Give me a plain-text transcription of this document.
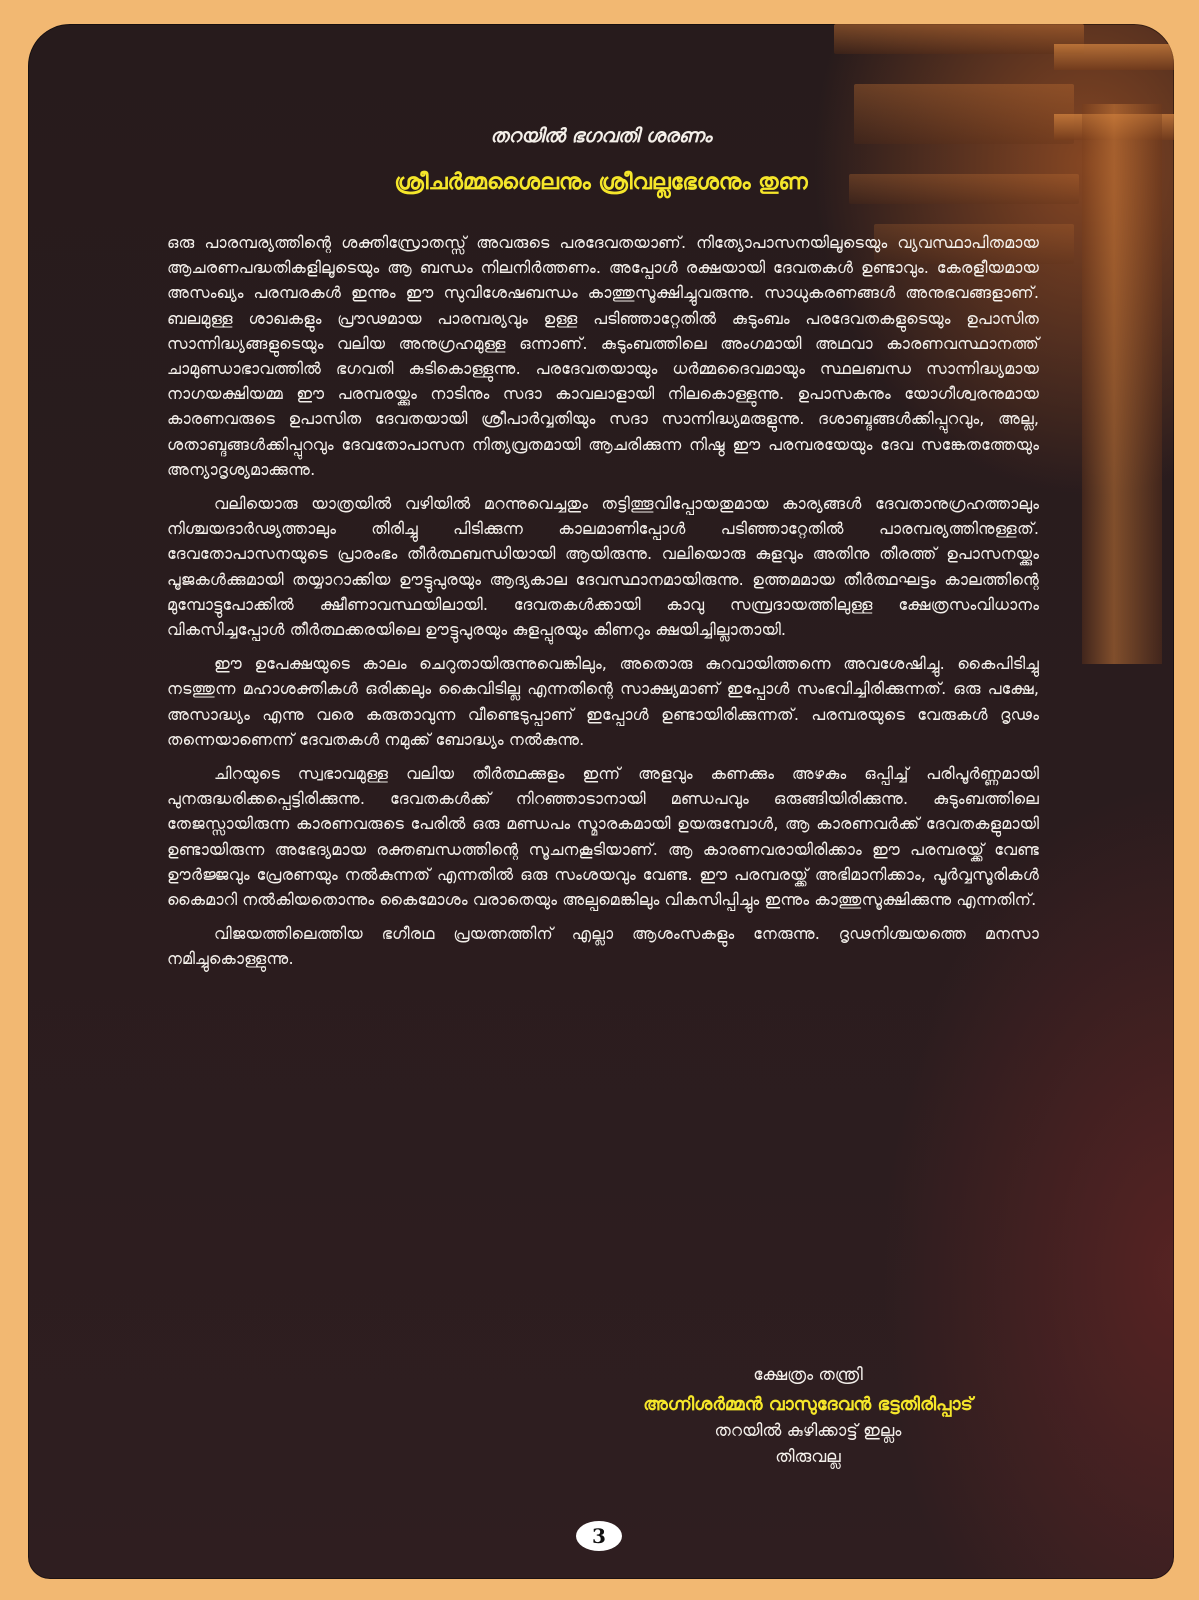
തറയിൽ ഭഗവതി ശരണം
ശ്രീചർമ്മശൈലനും ശ്രീവല്ലഭേശനും തുണ

ഒരു പാരമ്പര്യത്തിന്റെ ശക്തിസ്രോതസ്സ് അവരുടെ പരദേവതയാണ്. നിത്യോപാസനയിലൂടെയും വ്യവസ്ഥാപിതമായ ആചരണപദ്ധതികളിലൂടെയും ആ ബന്ധം നിലനിർത്തണം. അപ്പോൾ രക്ഷയായി ദേവതകൾ ഉണ്ടാവും. കേരളീയമായ അസംഖ്യം പരമ്പരകൾ ഇന്നും ഈ സുവിശേഷബന്ധം കാത്തുസൂക്ഷിച്ചുവരുന്നു. സാധുകരണങ്ങൾ അനുഭവങ്ങളാണ്. ബലമുള്ള ശാഖകളും പ്രൗഢമായ പാരമ്പര്യവും ഉള്ള പടിഞ്ഞാറ്റേതിൽ കുടുംബം പരദേവതകളുടെയും ഉപാസിത സാന്നിദ്ധ്യങ്ങളുടെയും വലിയ അനുഗ്രഹമുള്ള ഒന്നാണ്. കുടുംബത്തിലെ അംഗമായി അഥവാ കാരണവസ്ഥാനത്ത് ചാമുണ്ഡാഭാവത്തിൽ ഭഗവതി കുടികൊള്ളുന്നു. പരദേവതയായും ധർമ്മദൈവമായും സ്ഥലബന്ധ സാന്നിദ്ധ്യമായ നാഗയക്ഷിയമ്മ ഈ പരമ്പരയ്ക്കും നാടിനും സദാ കാവലാളായി നിലകൊള്ളുന്നു. ഉപാസകനും യോഗീശ്വരനുമായ കാരണവരുടെ ഉപാസിത ദേവതയായി ശ്രീപാർവ്വതിയും സദാ സാന്നിദ്ധ്യമരുളുന്നു. ദശാബ്ദങ്ങൾക്കിപ്പുറവും, അല്ല, ശതാബ്ദങ്ങൾക്കിപ്പുറവും ദേവതോപാസന നിത്യവ്രതമായി ആചരിക്കുന്ന നിഷ്ഠ ഈ പരമ്പരയേയും ദേവ സങ്കേതത്തേയും അന്യാദൃശ്യമാക്കുന്നു.

വലിയൊരു യാത്രയിൽ വഴിയിൽ മറന്നുവെച്ചതും തട്ടിത്തൂവിപ്പോയതുമായ കാര്യങ്ങൾ ദേവതാനുഗ്രഹത്താലും നിശ്ചയദാർഢ്യത്താലും തിരിച്ചു പിടിക്കുന്ന കാലമാണിപ്പോൾ പടിഞ്ഞാറ്റേതിൽ പാരമ്പര്യത്തിനുള്ളത്. ദേവതോപാസനയുടെ പ്രാരംഭം തീർത്ഥബന്ധിയായി ആയിരുന്നു. വലിയൊരു കുളവും അതിനു തീരത്ത് ഉപാസനയ്ക്കും പൂജകൾക്കുമായി തയ്യാറാക്കിയ ഊട്ടുപുരയും ആദ്യകാല ദേവസ്ഥാനമായിരുന്നു. ഉത്തമമായ തീർത്ഥഘട്ടം കാലത്തിന്റെ മുമ്പോട്ടുപോക്കിൽ ക്ഷീണാവസ്ഥയിലായി. ദേവതകൾക്കായി കാവു സമ്പ്രദായത്തിലുള്ള ക്ഷേത്രസംവിധാനം വികസിച്ചപ്പോൾ തീർത്ഥക്കരയിലെ ഊട്ടുപുരയും കുളപ്പുരയും കിണറും ക്ഷയിച്ചില്ലാതായി.

ഈ ഉപേക്ഷയുടെ കാലം ചെറുതായിരുന്നുവെങ്കിലും, അതൊരു കുറവായിത്തന്നെ അവശേഷിച്ചു. കൈപിടിച്ചു നടത്തുന്ന മഹാശക്തികൾ ഒരിക്കലും കൈവിടില്ല എന്നതിന്റെ സാക്ഷ്യമാണ് ഇപ്പോൾ സംഭവിച്ചിരിക്കുന്നത്. ഒരു പക്ഷേ, അസാദ്ധ്യം എന്നു വരെ കരുതാവുന്ന വീണ്ടെടുപ്പാണ് ഇപ്പോൾ ഉണ്ടായിരിക്കുന്നത്. പരമ്പരയുടെ വേരുകൾ ദൃഢം തന്നെയാണെന്ന് ദേവതകൾ നമുക്ക് ബോദ്ധ്യം നൽകുന്നു.

ചിറയുടെ സ്വഭാവമുള്ള വലിയ തീർത്ഥക്കുളം ഇന്ന് അളവും കണക്കും അഴകും ഒപ്പിച്ച് പരിപൂർണ്ണമായി പുനരുദ്ധരിക്കപ്പെട്ടിരിക്കുന്നു. ദേവതകൾക്ക് നിറഞ്ഞാടാനായി മണ്ഡപവും ഒരുങ്ങിയിരിക്കുന്നു. കുടുംബത്തിലെ തേജസ്സായിരുന്ന കാരണവരുടെ പേരിൽ ഒരു മണ്ഡപം സ്മാരകമായി ഉയരുമ്പോൾ, ആ കാരണവർക്ക് ദേവതകളുമായി ഉണ്ടായിരുന്ന അഭേദ്യമായ രക്തബന്ധത്തിന്റെ സൂചനകൂടിയാണ്. ആ കാരണവരായിരിക്കാം ഈ പരമ്പരയ്ക്ക് വേണ്ട ഊർജ്ജവും പ്രേരണയും നൽകുന്നത് എന്നതിൽ ഒരു സംശയവും വേണ്ട. ഈ പരമ്പരയ്ക്ക് അഭിമാനിക്കാം, പൂർവ്വസൂരികൾ കൈമാറി നൽകിയതൊന്നും കൈമോശം വരാതെയും അല്പമെങ്കിലും വികസിപ്പിച്ചും ഇന്നും കാത്തുസൂക്ഷിക്കുന്നു എന്നതിന്.

വിജയത്തിലെത്തിയ ഭഗീരഥ പ്രയത്നത്തിന് എല്ലാ ആശംസകളും നേരുന്നു. ദൃഢനിശ്ചയത്തെ മനസാ നമിച്ചുകൊള്ളുന്നു.

ക്ഷേത്രം തന്ത്രി
അഗ്നിശർമ്മൻ വാസുദേവൻ ഭട്ടതിരിപ്പാട്
തറയിൽ കുഴിക്കാട്ട് ഇല്ലം
തിരുവല്ല
3
